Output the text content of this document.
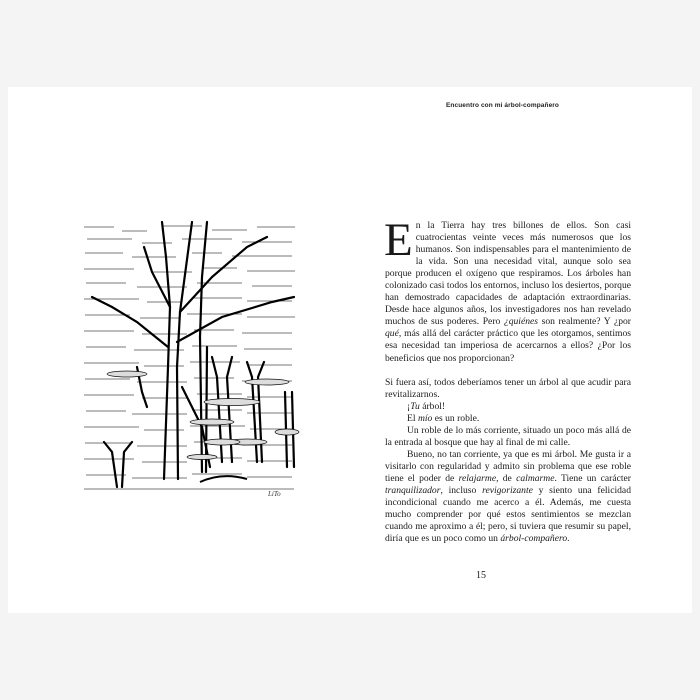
Encuentro con mi árbol-compañero
LiTo

En la Tierra hay tres billones de ellos. Son casi cuatrocientas veinte veces más numerosos que los humanos. Son indispensables para el mantenimiento de la vida. Son una necesidad vital, aunque solo sea porque producen el oxígeno que respiramos. Los árboles han colonizado casi todos los entornos, incluso los desiertos, porque han demostrado capacidades de adaptación extraordinarias. Desde hace algunos años, los investigadores nos han revelado muchos de sus poderes. Pero ¿quiénes son realmente? Y ¿por qué, más allá del carácter práctico que les otorgamos, sentimos esa necesidad tan imperiosa de acercarnos a ellos? ¿Por los beneficios que nos proporcionan?

Si fuera así, todos deberíamos tener un árbol al que acudir para revitalizarnos.

¡Tu árbol!

El mío es un roble.

Un roble de lo más corriente, situado un poco más allá de la entrada al bosque que hay al final de mi calle.

Bueno, no tan corriente, ya que es mi árbol. Me gusta ir a visitarlo con regularidad y admito sin problema que ese roble tiene el poder de relajarme, de calmarme. Tiene un carácter tranquilizador, incluso revigorizante y siento una felicidad incondicional cuando me acerco a él. Además, me cuesta mucho comprender por qué estos sentimientos se mezclan cuando me aproximo a él; pero, si tuviera que resumir su papel, diría que es un poco como un árbol-compañero.

15
